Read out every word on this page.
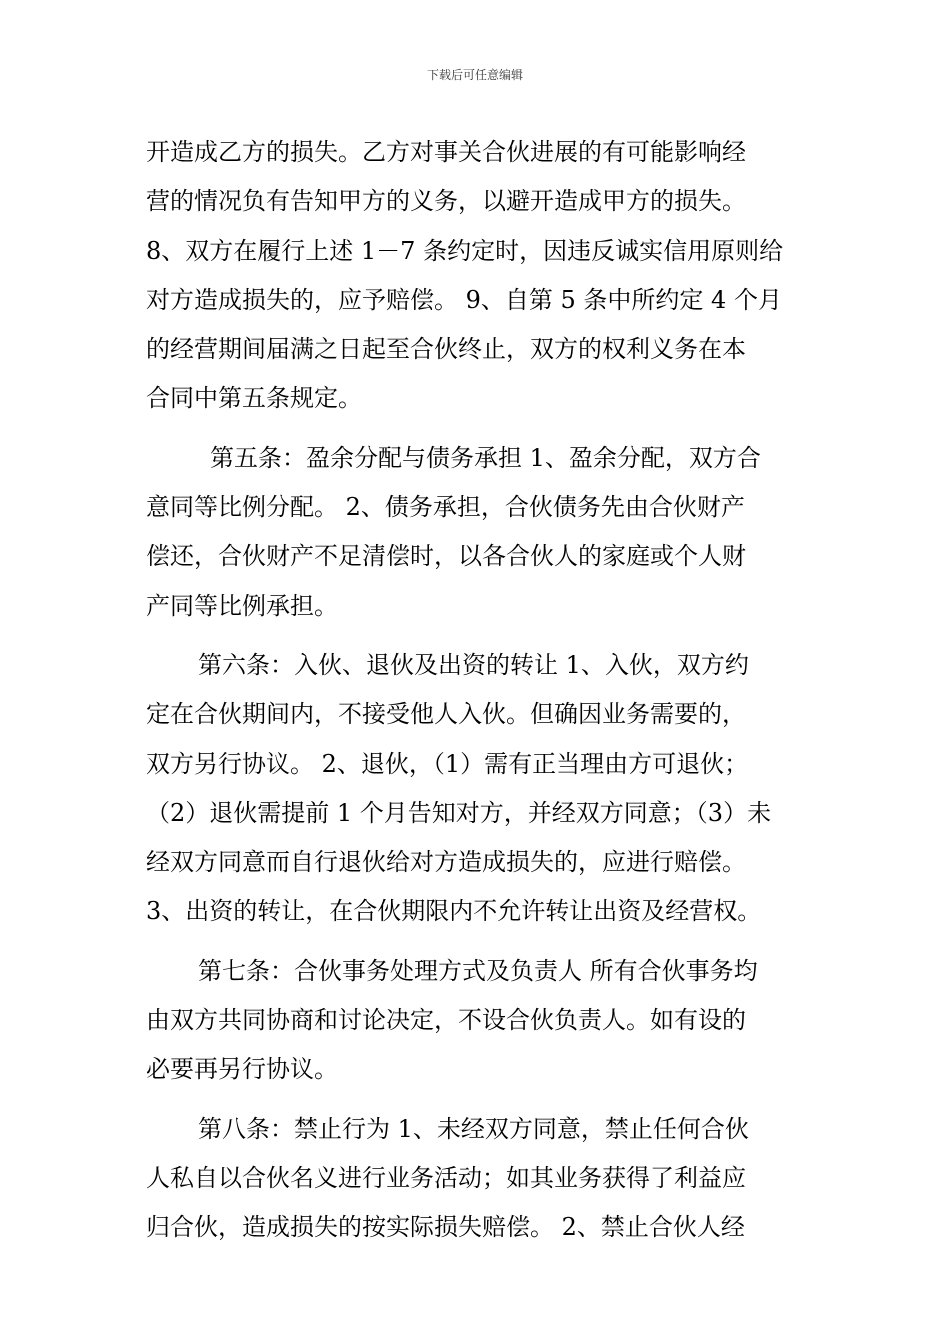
下载后可任意编辑
开造成乙方的损失。乙方对事关合伙进展的有可能影响经
营的情况负有告知甲方的义务，以避开造成甲方的损失。
8、双方在履行上述 1－7 条约定时，因违反诚实信用原则给
对方造成损失的，应予赔偿。 9、自第 5 条中所约定 4 个月
的经营期间届满之日起至合伙终止，双方的权利义务在本
合同中第五条规定。
第五条：盈余分配与债务承担 1、盈余分配，双方合
意同等比例分配。 2、债务承担，合伙债务先由合伙财产
偿还，合伙财产不足清偿时，以各合伙人的家庭或个人财
产同等比例承担。
第六条：入伙、退伙及出资的转让 1、入伙，双方约
定在合伙期间内，不接受他人入伙。但确因业务需要的，
双方另行协议。 2、退伙，（1）需有正当理由方可退伙；
（2）退伙需提前 1 个月告知对方，并经双方同意；（3）未
经双方同意而自行退伙给对方造成损失的，应进行赔偿。
3、出资的转让，在合伙期限内不允许转让出资及经营权。
第七条：合伙事务处理方式及负责人 所有合伙事务均
由双方共同协商和讨论决定，不设合伙负责人。如有设的
必要再另行协议。
第八条：禁止行为 1、未经双方同意，禁止任何合伙
人私自以合伙名义进行业务活动；如其业务获得了利益应
归合伙，造成损失的按实际损失赔偿。 2、禁止合伙人经
